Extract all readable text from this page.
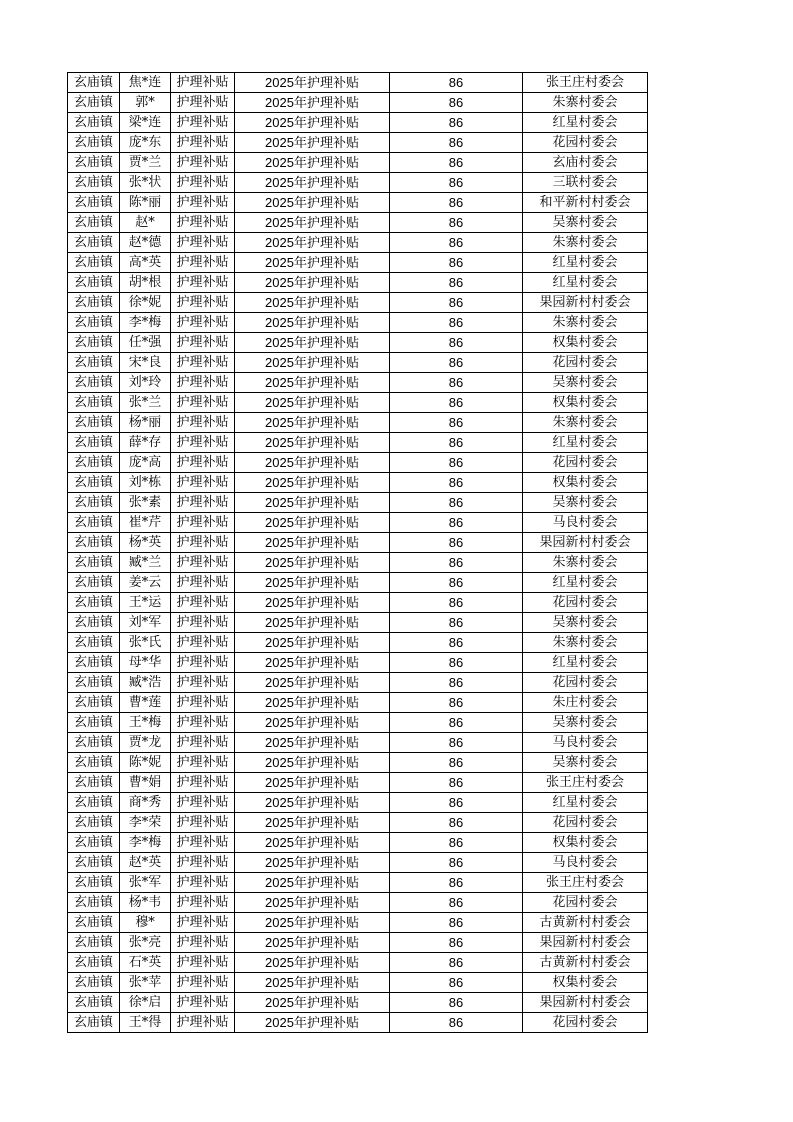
玄庙镇	焦*连	护理补贴	2025年护理补贴	86	张王庄村委会
玄庙镇	郭*	护理补贴	2025年护理补贴	86	朱寨村委会
玄庙镇	梁*连	护理补贴	2025年护理补贴	86	红星村委会
玄庙镇	庞*东	护理补贴	2025年护理补贴	86	花园村委会
玄庙镇	贾*兰	护理补贴	2025年护理补贴	86	玄庙村委会
玄庙镇	张*状	护理补贴	2025年护理补贴	86	三联村委会
玄庙镇	陈*丽	护理补贴	2025年护理补贴	86	和平新村村委会
玄庙镇	赵*	护理补贴	2025年护理补贴	86	吴寨村委会
玄庙镇	赵*德	护理补贴	2025年护理补贴	86	朱寨村委会
玄庙镇	高*英	护理补贴	2025年护理补贴	86	红星村委会
玄庙镇	胡*根	护理补贴	2025年护理补贴	86	红星村委会
玄庙镇	徐*妮	护理补贴	2025年护理补贴	86	果园新村村委会
玄庙镇	李*梅	护理补贴	2025年护理补贴	86	朱寨村委会
玄庙镇	任*强	护理补贴	2025年护理补贴	86	权集村委会
玄庙镇	宋*良	护理补贴	2025年护理补贴	86	花园村委会
玄庙镇	刘*玲	护理补贴	2025年护理补贴	86	吴寨村委会
玄庙镇	张*兰	护理补贴	2025年护理补贴	86	权集村委会
玄庙镇	杨*丽	护理补贴	2025年护理补贴	86	朱寨村委会
玄庙镇	薛*存	护理补贴	2025年护理补贴	86	红星村委会
玄庙镇	庞*高	护理补贴	2025年护理补贴	86	花园村委会
玄庙镇	刘*栋	护理补贴	2025年护理补贴	86	权集村委会
玄庙镇	张*素	护理补贴	2025年护理补贴	86	吴寨村委会
玄庙镇	崔*芹	护理补贴	2025年护理补贴	86	马良村委会
玄庙镇	杨*英	护理补贴	2025年护理补贴	86	果园新村村委会
玄庙镇	臧*兰	护理补贴	2025年护理补贴	86	朱寨村委会
玄庙镇	姜*云	护理补贴	2025年护理补贴	86	红星村委会
玄庙镇	王*运	护理补贴	2025年护理补贴	86	花园村委会
玄庙镇	刘*军	护理补贴	2025年护理补贴	86	吴寨村委会
玄庙镇	张*氏	护理补贴	2025年护理补贴	86	朱寨村委会
玄庙镇	母*华	护理补贴	2025年护理补贴	86	红星村委会
玄庙镇	臧*浩	护理补贴	2025年护理补贴	86	花园村委会
玄庙镇	曹*莲	护理补贴	2025年护理补贴	86	朱庄村委会
玄庙镇	王*梅	护理补贴	2025年护理补贴	86	吴寨村委会
玄庙镇	贾*龙	护理补贴	2025年护理补贴	86	马良村委会
玄庙镇	陈*妮	护理补贴	2025年护理补贴	86	吴寨村委会
玄庙镇	曹*娟	护理补贴	2025年护理补贴	86	张王庄村委会
玄庙镇	商*秀	护理补贴	2025年护理补贴	86	红星村委会
玄庙镇	李*荣	护理补贴	2025年护理补贴	86	花园村委会
玄庙镇	李*梅	护理补贴	2025年护理补贴	86	权集村委会
玄庙镇	赵*英	护理补贴	2025年护理补贴	86	马良村委会
玄庙镇	张*军	护理补贴	2025年护理补贴	86	张王庄村委会
玄庙镇	杨*韦	护理补贴	2025年护理补贴	86	花园村委会
玄庙镇	穆*	护理补贴	2025年护理补贴	86	古黄新村村委会
玄庙镇	张*亮	护理补贴	2025年护理补贴	86	果园新村村委会
玄庙镇	石*英	护理补贴	2025年护理补贴	86	古黄新村村委会
玄庙镇	张*苹	护理补贴	2025年护理补贴	86	权集村委会
玄庙镇	徐*启	护理补贴	2025年护理补贴	86	果园新村村委会
玄庙镇	王*得	护理补贴	2025年护理补贴	86	花园村委会
